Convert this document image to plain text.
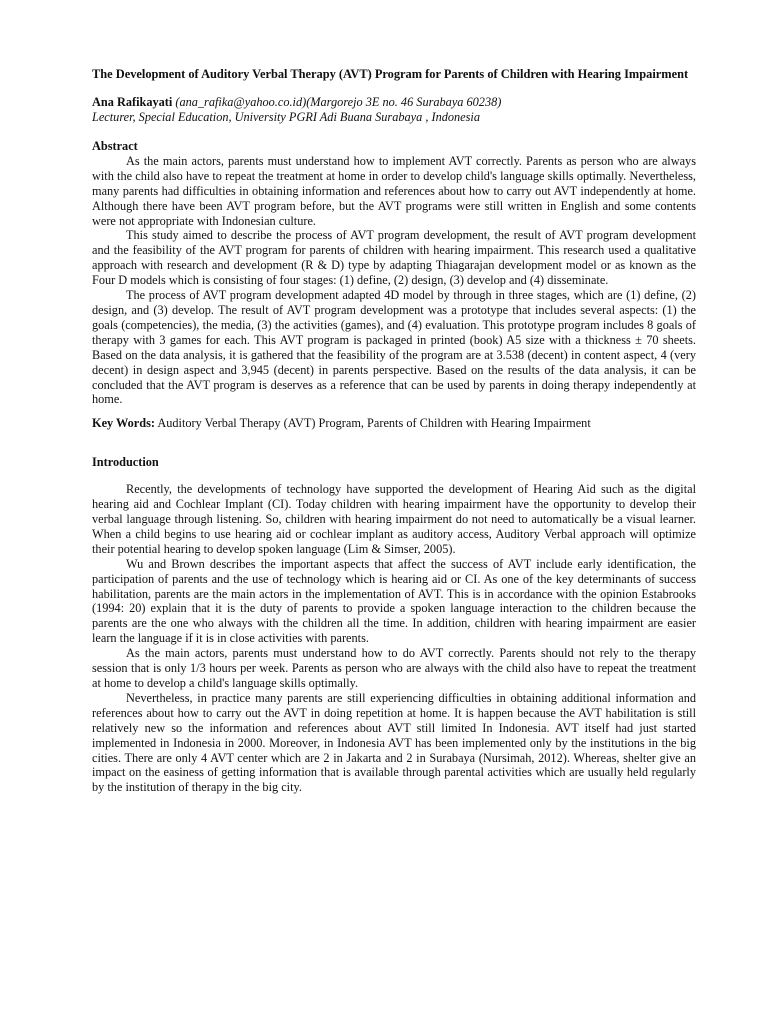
The Development of Auditory Verbal Therapy (AVT) Program for Parents of Children with Hearing Impairment
Ana Rafikayati (ana_rafika@yahoo.co.id)(Margorejo 3E no. 46 Surabaya 60238)
Lecturer, Special Education, University PGRI Adi Buana Surabaya , Indonesia
Abstract

As the main actors, parents must understand how to implement AVT correctly. Parents as person who are always with the child also have to repeat the treatment at home in order to develop child's language skills optimally. Nevertheless, many parents had difficulties in obtaining information and references about how to carry out AVT independently at home. Although there have been AVT program before, but the AVT programs were still written in English and some contents were not appropriate with Indonesian culture.

This study aimed to describe the process of AVT program development, the result of AVT program development and the feasibility of the AVT program for parents of children with hearing impairment. This research used a qualitative approach with research and development (R & D) type by adapting Thiagarajan development model or as known as the Four D models which is consisting of four stages: (1) define, (2) design, (3) develop and (4) disseminate.

The process of AVT program development adapted 4D model by through in three stages, which are (1) define, (2) design, and (3) develop. The result of AVT program development was a prototype that includes several aspects: (1) the goals (competencies), the media, (3) the activities (games), and (4) evaluation. This prototype program includes 8 goals of therapy with 3 games for each. This AVT program is packaged in printed (book) A5 size with a thickness ± 70 sheets. Based on the data analysis, it is gathered that the feasibility of the program are at 3.538 (decent) in content aspect, 4 (very decent) in design aspect and 3,945 (decent) in parents perspective. Based on the results of the data analysis, it can be concluded that the AVT program is deserves as a reference that can be used by parents in doing therapy independently at home.

Key Words: Auditory Verbal Therapy (AVT) Program, Parents of Children with Hearing Impairment
Introduction

Recently, the developments of technology have supported the development of Hearing Aid such as the digital hearing aid and Cochlear Implant (CI). Today children with hearing impairment have the opportunity to develop their verbal language through listening. So, children with hearing impairment do not need to automatically be a visual learner. When a child begins to use hearing aid or cochlear implant as auditory access, Auditory Verbal approach will optimize their potential hearing to develop spoken language (Lim & Simser, 2005).

Wu and Brown describes the important aspects that affect the success of AVT include early identification, the participation of parents and the use of technology which is hearing aid or CI. As one of the key determinants of success habilitation, parents are the main actors in the implementation of AVT. This is in accordance with the opinion Estabrooks (1994: 20) explain that it is the duty of parents to provide a spoken language interaction to the children because the parents are the one who always with the children all the time. In addition, children with hearing impairment are easier learn the language if it is in close activities with parents.

As the main actors, parents must understand how to do AVT correctly. Parents should not rely to the therapy session that is only 1/3 hours per week. Parents as person who are always with the child also have to repeat the treatment at home to develop a child's language skills optimally.

Nevertheless, in practice many parents are still experiencing difficulties in obtaining additional information and references about how to carry out the AVT in doing repetition at home. It is happen because the AVT habilitation is still relatively new so the information and references about AVT still limited In Indonesia. AVT itself had just started implemented in Indonesia in 2000. Moreover, in Indonesia AVT has been implemented only by the institutions in the big cities. There are only 4 AVT center which are 2 in Jakarta and 2 in Surabaya (Nursimah, 2012). Whereas, shelter give an impact on the easiness of getting information that is available through parental activities which are usually held regularly by the institution of therapy in the big city.
